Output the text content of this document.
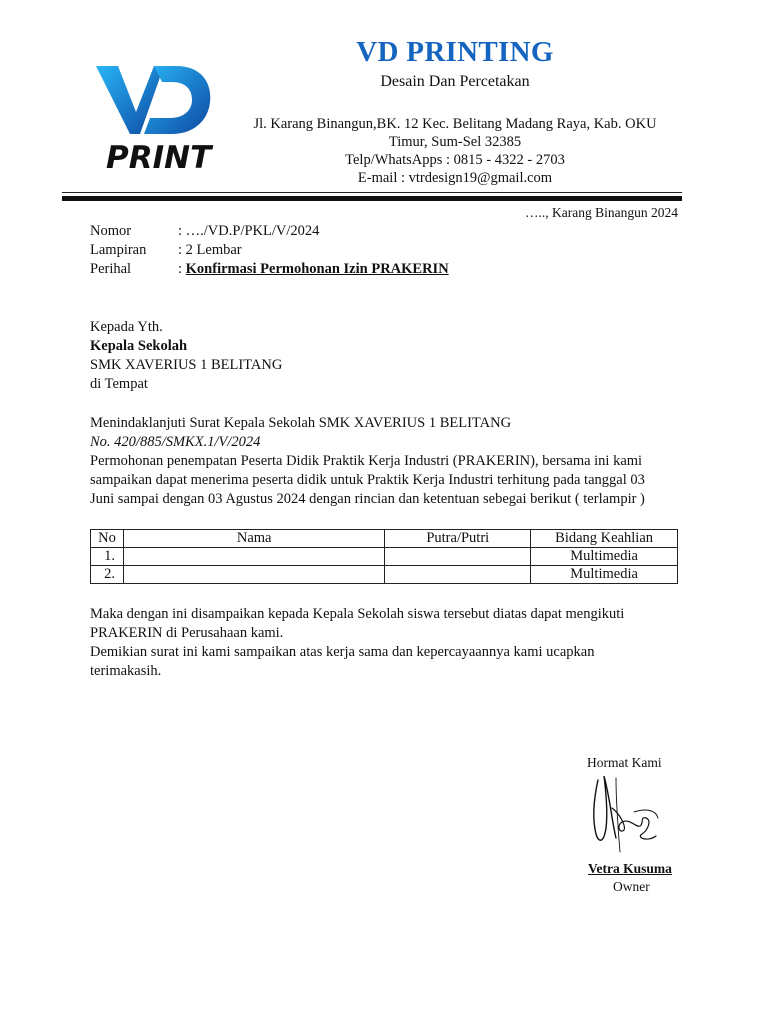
PRINT
VD PRINTING
Desain Dan Percetakan
Jl. Karang Binangun,BK. 12 Kec. Belitang Madang Raya, Kab. OKU
Timur, Sum-Sel 32385
Telp/WhatsApps : 0815 - 4322 - 2703
E-mail : vtrdesign19@gmail.com
….., Karang Binangun 2024
Nomor	: …./VD.P/PKL/V/2024
Lampiran : 2 Lembar
Perihal	: Konfirmasi Permohonan Izin PRAKERIN
Kepada Yth.
Kepala Sekolah
SMK XAVERIUS 1 BELITANG
di Tempat
Menindaklanjuti Surat Kepala Sekolah SMK XAVERIUS 1 BELITANG
No. 420/885/SMKX.1/V/2024
Permohonan penempatan Peserta Didik Praktik Kerja Industri (PRAKERIN), bersama ini kami
sampaikan dapat menerima peserta didik untuk Praktik Kerja Industri terhitung pada tanggal 03
Juni sampai dengan 03 Agustus 2024 dengan rincian dan ketentuan sebegai berikut ( terlampir )
No	Nama	Putra/Putri	Bidang Keahlian
1.			Multimedia
2.			Multimedia
Maka dengan ini disampaikan kepada Kepala Sekolah siswa tersebut diatas dapat mengikuti
PRAKERIN di Perusahaan kami.
Demikian surat ini kami sampaikan atas kerja sama dan kepercayaannya kami ucapkan
terimakasih.
Hormat Kami
Vetra Kusuma
Owner
